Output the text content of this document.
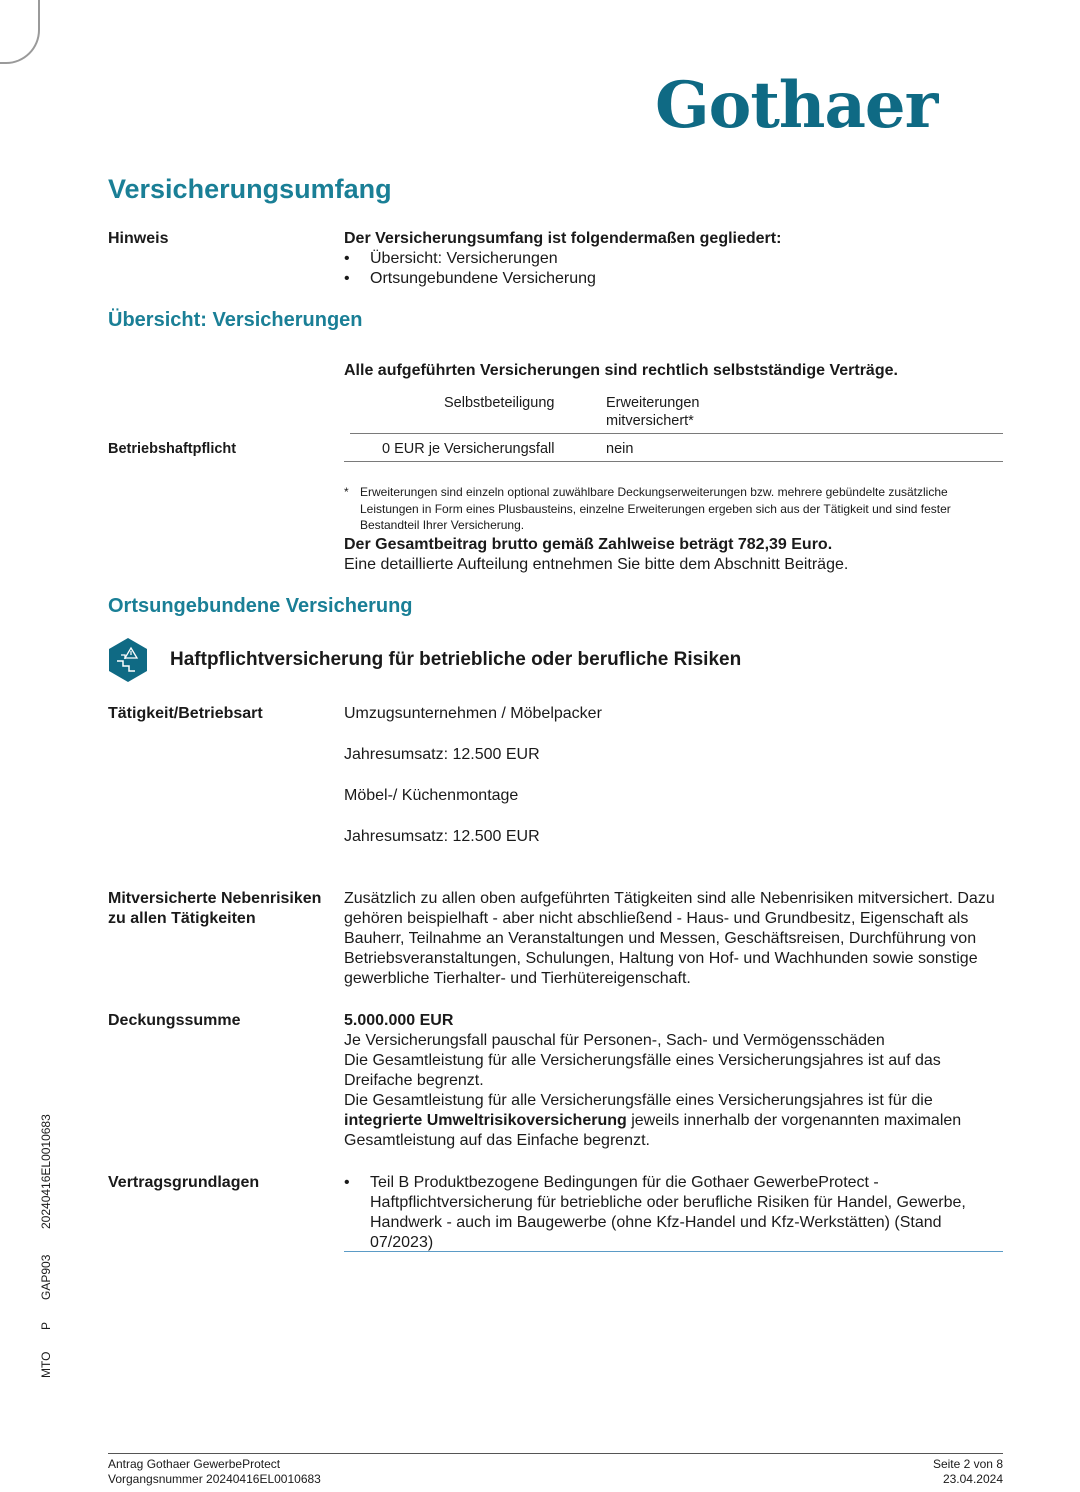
Gothaer
Versicherungsumfang
Hinweis	Der Versicherungsumfang ist folgendermaßen gegliedert:
• Übersicht: Versicherungen
• Ortsungebundene Versicherung
Übersicht: Versicherungen
Alle aufgeführten Versicherungen sind rechtlich selbstständige Verträge.
Selbstbeteiligung	Erweiterungen mitversichert*
Betriebshaftpflicht	0 EUR je Versicherungsfall	nein
* Erweiterungen sind einzeln optional zuwählbare Deckungserweiterungen bzw. mehrere gebündelte zusätzliche Leistungen in Form eines Plusbausteins, einzelne Erweiterungen ergeben sich aus der Tätigkeit und sind fester Bestandteil Ihrer Versicherung.
Der Gesamtbeitrag brutto gemäß Zahlweise beträgt 782,39 Euro.
Eine detaillierte Aufteilung entnehmen Sie bitte dem Abschnitt Beiträge.
Ortsungebundene Versicherung
Haftpflichtversicherung für betriebliche oder berufliche Risiken
Tätigkeit/Betriebsart	Umzugsunternehmen / Möbelpacker
Jahresumsatz: 12.500 EUR
Möbel-/ Küchenmontage
Jahresumsatz: 12.500 EUR
Mitversicherte Nebenrisiken
zu allen Tätigkeiten
Zusätzlich zu allen oben aufgeführten Tätigkeiten sind alle Nebenrisiken mitversichert. Dazu gehören beispielhaft - aber nicht abschließend - Haus- und Grundbesitz, Eigenschaft als Bauherr, Teilnahme an Veranstaltungen und Messen, Geschäftsreisen, Durchführung von Betriebsveranstaltungen, Schulungen, Haltung von Hof- und Wachhunden sowie sonstige gewerbliche Tierhalter- und Tierhütereigenschaft.
Deckungssumme	5.000.000 EUR
Je Versicherungsfall pauschal für Personen-, Sach- und Vermögensschäden
Die Gesamtleistung für alle Versicherungsfälle eines Versicherungsjahres ist auf das Dreifache begrenzt.
Die Gesamtleistung für alle Versicherungsfälle eines Versicherungsjahres ist für die integrierte Umweltrisikoversicherung jeweils innerhalb der vorgenannten maximalen Gesamtleistung auf das Einfache begrenzt.
Vertragsgrundlagen
•	Teil B Produktbezogene Bedingungen für die Gothaer GewerbeProtect - Haftpflichtversicherung für betriebliche oder berufliche Risiken für Handel, Gewerbe, Handwerk - auch im Baugewerbe (ohne Kfz-Handel und Kfz-Werkstätten) (Stand 07/2023)
MTO
P
GAP903
20240416EL0010683
Antrag Gothaer GewerbeProtect
Vorgangsnummer 20240416EL0010683
Seite 2 von 8
23.04.2024
